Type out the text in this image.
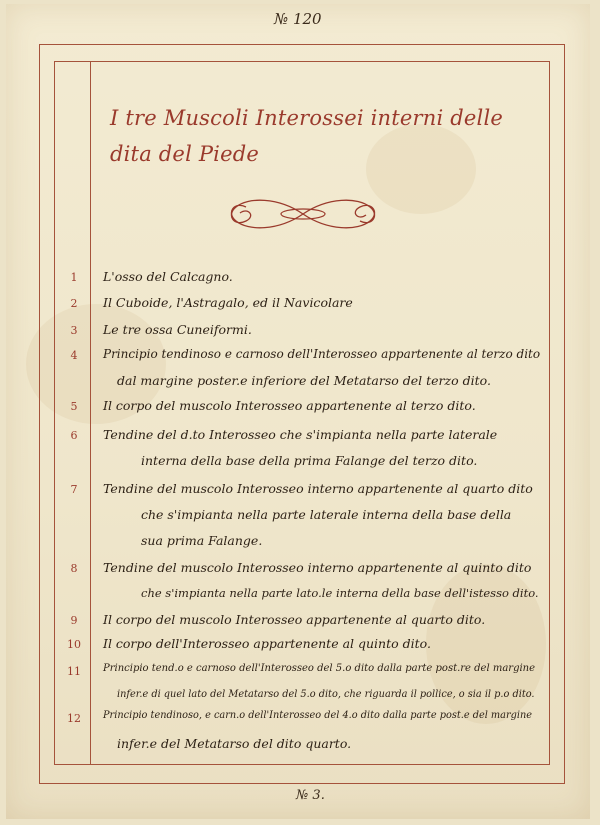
№ 120
I tre Muscoli Interossei interni delle dita del Piede
1	L'osso del Calcagno.
2	Il Cuboide, l'Astragalo, ed il Navicolare
3	Le tre ossa Cuneiformi.
4	Principio tendinoso e carnoso dell'Interosseo appartenente al terzo dito
dal margine poster.e inferiore del Metatarso del terzo dito.
5	Il corpo del muscolo Interosseo appartenente al terzo dito.
6	Tendine del d.to Interosseo che s'impianta nella parte laterale
interna della base della prima Falange del terzo dito.
7	Tendine del muscolo Interosseo interno appartenente al quarto dito
che s'impianta nella parte laterale interna della base della
sua prima Falange.
8	Tendine del muscolo Interosseo interno appartenente al quinto dito
che s'impianta nella parte lato.le interna della base dell'istesso dito.
9	Il corpo del muscolo Interosseo appartenente al quarto dito.
10 Il corpo dell'Interosseo appartenente al quinto dito.
11	Principio tend.o e carnoso dell'Interosseo del 5.o dito dalla parte post.re del margine
infer.e di quel lato del Metatarso del 5.o dito, che riguarda il pollice, o sia il p.o dito.
12	Principio tendinoso, e carn.o dell'Interosseo del 4.o dito dalla parte post.e del margine
infer.e del Metatarso del dito quarto.
№ 3.
